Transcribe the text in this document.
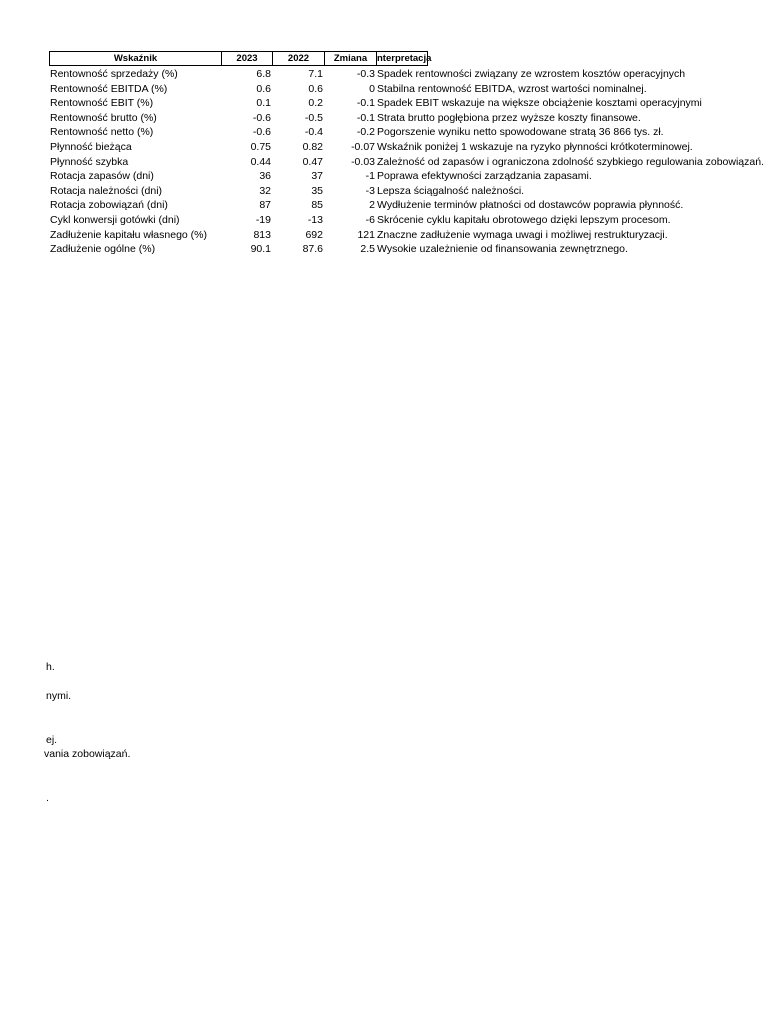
Wskaźnik	2023	2022	Zmiana	nterpretacja
Rentowność sprzedaży (%)	6.8	7.1	-0.3 Spadek rentowności związany ze wzrostem kosztów operacyjnych
Rentowność EBITDA (%)	0.6	0.6	0 Stabilna rentowność EBITDA, wzrost wartości nominalnej.
Rentowność EBIT (%)	0.1	0.2	-0.1 Spadek EBIT wskazuje na większe obciążenie kosztami operacyjnymi
Rentowność brutto (%)	-0.6	-0.5	-0.1 Strata brutto pogłębiona przez wyższe koszty finansowe.
Rentowność netto (%)	-0.6	-0.4	-0.2 Pogorszenie wyniku netto spowodowane stratą 36 866 tys. zł.
Płynność bieżąca	0.75	0.82	-0.07 Wskaźnik poniżej 1 wskazuje na ryzyko płynności krótkoterminowej.
Płynność szybka	0.44	0.47	-0.03 Zależność od zapasów i ograniczona zdolność szybkiego regulowania zobowiązań.
Rotacja zapasów (dni)	36	37	-1 Poprawa efektywności zarządzania zapasami.
Rotacja należności (dni)	32	35	-3 Lepsza ściągalność należności.
Rotacja zobowiązań (dni)	87	85	2 Wydłużenie terminów płatności od dostawców poprawia płynność.
Cykl konwersji gotówki (dni)	-19	-13	-6 Skrócenie cyklu kapitału obrotowego dzięki lepszym procesom.
Zadłużenie kapitału własnego (%)	813	692	121 Znaczne zadłużenie wymaga uwagi i możliwej restrukturyzacji.
Zadłużenie ogólne (%)	90.1	87.6	2.5 Wysokie uzależnienie od finansowania zewnętrznego.
h.
nymi.
ej.
vania zobowiązań.
.
